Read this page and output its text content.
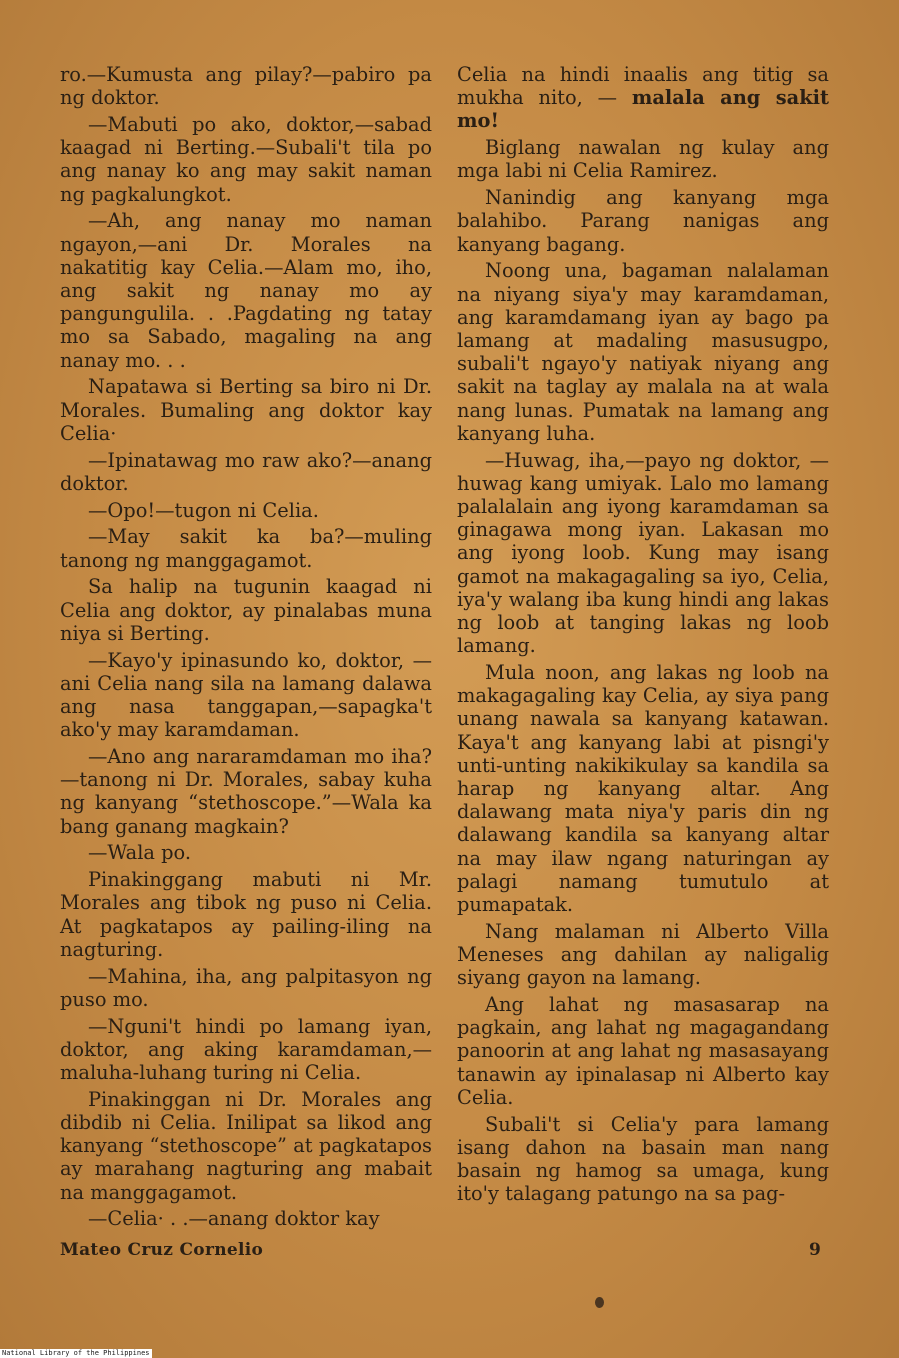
ro.—Kumusta ang pilay?—pabiro pa ng doktor.

—Mabuti po ako, doktor,—sabad kaagad ni Berting.—Subali't tila po ang nanay ko ang may sakit naman ng pagkalungkot.

—Ah, ang nanay mo naman ngayon,—ani Dr. Morales na nakatitig kay Celia.—Alam mo, iho, ang sakit ng nanay mo ay pangungulila. . .Pagdating ng tatay mo sa Sabado, magaling na ang nanay mo. . .

Napatawa si Berting sa biro ni Dr. Morales. Bumaling ang doktor kay Celia·

—Ipinatawag mo raw ako?—anang doktor.

—Opo!—tugon ni Celia.

—May sakit ka ba?—muling tanong ng manggagamot.

Sa halip na tugunin kaagad ni Celia ang doktor, ay pinalabas muna niya si Berting.

—Kayo'y ipinasundo ko, doktor, —ani Celia nang sila na lamang dalawa ang nasa tanggapan,—sapagka't ako'y may karamdaman.

—Ano ang nararamdaman mo iha?—tanong ni Dr. Morales, sabay kuha ng kanyang “stethoscope.”—Wala ka bang ganang magkain?

—Wala po.

Pinakinggang mabuti ni Mr. Morales ang tibok ng puso ni Celia. At pagkatapos ay pailing-iling na nagturing.

—Mahina, iha, ang palpitasyon ng puso mo.

—Nguni't hindi po lamang iyan, doktor, ang aking karamdaman,—maluha-luhang turing ni Celia.

Pinakinggan ni Dr. Morales ang dibdib ni Celia. Inilipat sa likod ang kanyang “stethoscope” at pagkatapos ay marahang nagturing ang mabait na manggagamot.

—Celia· . .—anang doktor kay

Celia na hindi inaalis ang titig sa mukha nito, — malala ang sakit mo!

Biglang nawalan ng kulay ang mga labi ni Celia Ramirez.

Nanindig ang kanyang mga balahibo. Parang nanigas ang kanyang bagang.

Noong una, bagaman nalalaman na niyang siya'y may karamdaman, ang karamdamang iyan ay bago pa lamang at madaling masusugpo, subali't ngayo'y natiyak niyang ang sakit na taglay ay malala na at wala nang lunas. Pumatak na lamang ang kanyang luha.

—Huwag, iha,—payo ng doktor, —huwag kang umiyak. Lalo mo lamang palalalain ang iyong karamdaman sa ginagawa mong iyan. Lakasan mo ang iyong loob. Kung may isang gamot na makagagaling sa iyo, Celia, iya'y walang iba kung hindi ang lakas ng loob at tanging lakas ng loob lamang.

Mula noon, ang lakas ng loob na makagagaling kay Celia, ay siya pang unang nawala sa kanyang katawan. Kaya't ang kanyang labi at pisngi'y unti-unting nakikikulay sa kandila sa harap ng kanyang altar. Ang dalawang mata niya'y paris din ng dalawang kandila sa kanyang altar na may ilaw ngang naturingan ay palagi namang tumutulo at pumapatak.

Nang malaman ni Alberto Villa Meneses ang dahilan ay naligalig siyang gayon na lamang.

Ang lahat ng masasarap na pagkain, ang lahat ng magagandang panoorin at ang lahat ng masasayang tanawin ay ipinalasap ni Alberto kay Celia.

Subali't si Celia'y para lamang isang dahon na basain man nang basain ng hamog sa umaga, kung ito'y talagang patungo na sa pag-

Mateo Cruz Cornelio	9
National Library of the Philippines
